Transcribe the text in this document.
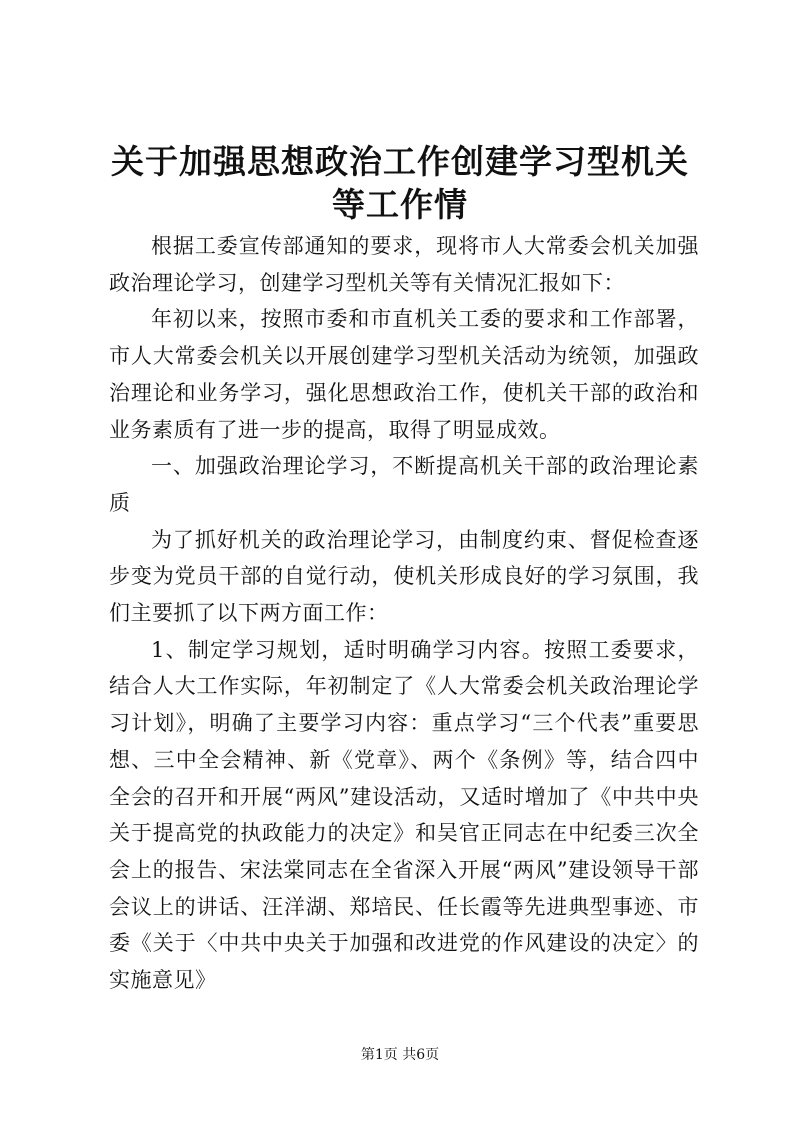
关于加强思想政治工作创建学习型机关等工作情

根据工委宣传部通知的要求，现将市人大常委会机关加强政治理论学习，创建学习型机关等有关情况汇报如下：

年初以来，按照市委和市直机关工委的要求和工作部署，市人大常委会机关以开展创建学习型机关活动为统领，加强政治理论和业务学习，强化思想政治工作，使机关干部的政治和业务素质有了进一步的提高，取得了明显成效。

一、加强政治理论学习，不断提高机关干部的政治理论素质

为了抓好机关的政治理论学习，由制度约束、督促检查逐步变为党员干部的自觉行动，使机关形成良好的学习氛围，我们主要抓了以下两方面工作：

1、制定学习规划，适时明确学习内容。按照工委要求，结合人大工作实际，年初制定了《人大常委会机关政治理论学习计划》，明确了主要学习内容：重点学习“三个代表”重要思想、三中全会精神、新《党章》、两个《条例》等，结合四中全会的召开和开展“两风”建设活动，又适时增加了《中共中央关于提高党的执政能力的决定》和吴官正同志在中纪委三次全会上的报告、宋法棠同志在全省深入开展“两风”建设领导干部会议上的讲话、汪洋湖、郑培民、任长霞等先进典型事迹、市委《关于〈中共中央关于加强和改进党的作风建设的决定〉的实施意见》

第1页 共6页
